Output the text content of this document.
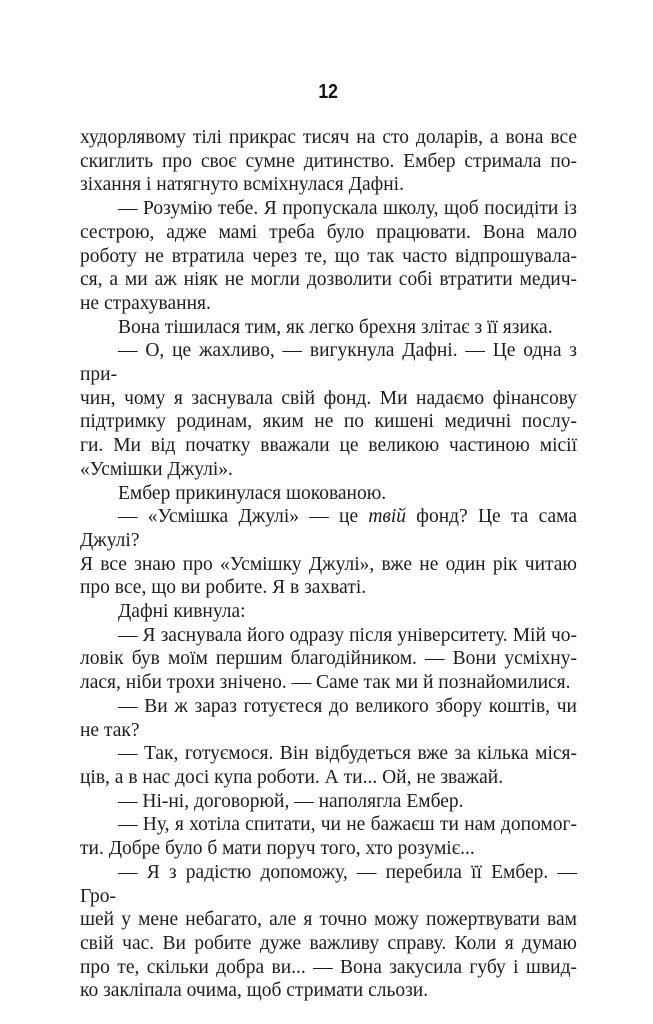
12
худорлявому тілі прикрас тисяч на сто доларів, а вона все
скиглить про своє сумне дитинство. Ембер стримала по-
зіхання і натягнуто всміхнулася Дафні.
— Розумію тебе. Я пропускала школу, щоб посидіти із
сестрою, адже мамі треба було працювати. Вона мало
роботу не втратила через те, що так часто відпрошувала-
ся, а ми аж ніяк не могли дозволити собі втратити медич-
не страхування.
Вона тішилася тим, як легко брехня злітає з її язика.
— О, це жахливо, — вигукнула Дафні. — Це одна з при-
чин, чому я заснувала свій фонд. Ми надаємо фінансову
підтримку родинам, яким не по кишені медичні послу-
ги. Ми від початку вважали це великою частиною місії
«Усмішки Джулі».
Ембер прикинулася шокованою.
— «Усмішка Джулі» — це твій фонд? Це та сама Джулі?
Я все знаю про «Усмішку Джулі», вже не один рік читаю
про все, що ви робите. Я в захваті.
Дафні кивнула:
— Я заснувала його одразу після університету. Мій чо-
ловік був моїм першим благодійником. — Вони усміхну-
лася, ніби трохи знічено. — Саме так ми й познайомилися.
— Ви ж зараз готуєтеся до великого збору коштів, чи
не так?
— Так, готуємося. Він відбудеться вже за кілька міся-
ців, а в нас досі купа роботи. А ти... Ой, не зважай.
— Ні-ні, договорюй, — наполягла Ембер.
— Ну, я хотіла спитати, чи не бажаєш ти нам допомог-
ти. Добре було б мати поруч того, хто розуміє...
— Я з радістю допоможу, — перебила її Ембер. — Гро-
шей у мене небагато, але я точно можу пожертвувати вам
свій час. Ви робите дуже важливу справу. Коли я думаю
про те, скільки добра ви... — Вона закусила губу і швид-
ко закліпала очима, щоб стримати сльози.
